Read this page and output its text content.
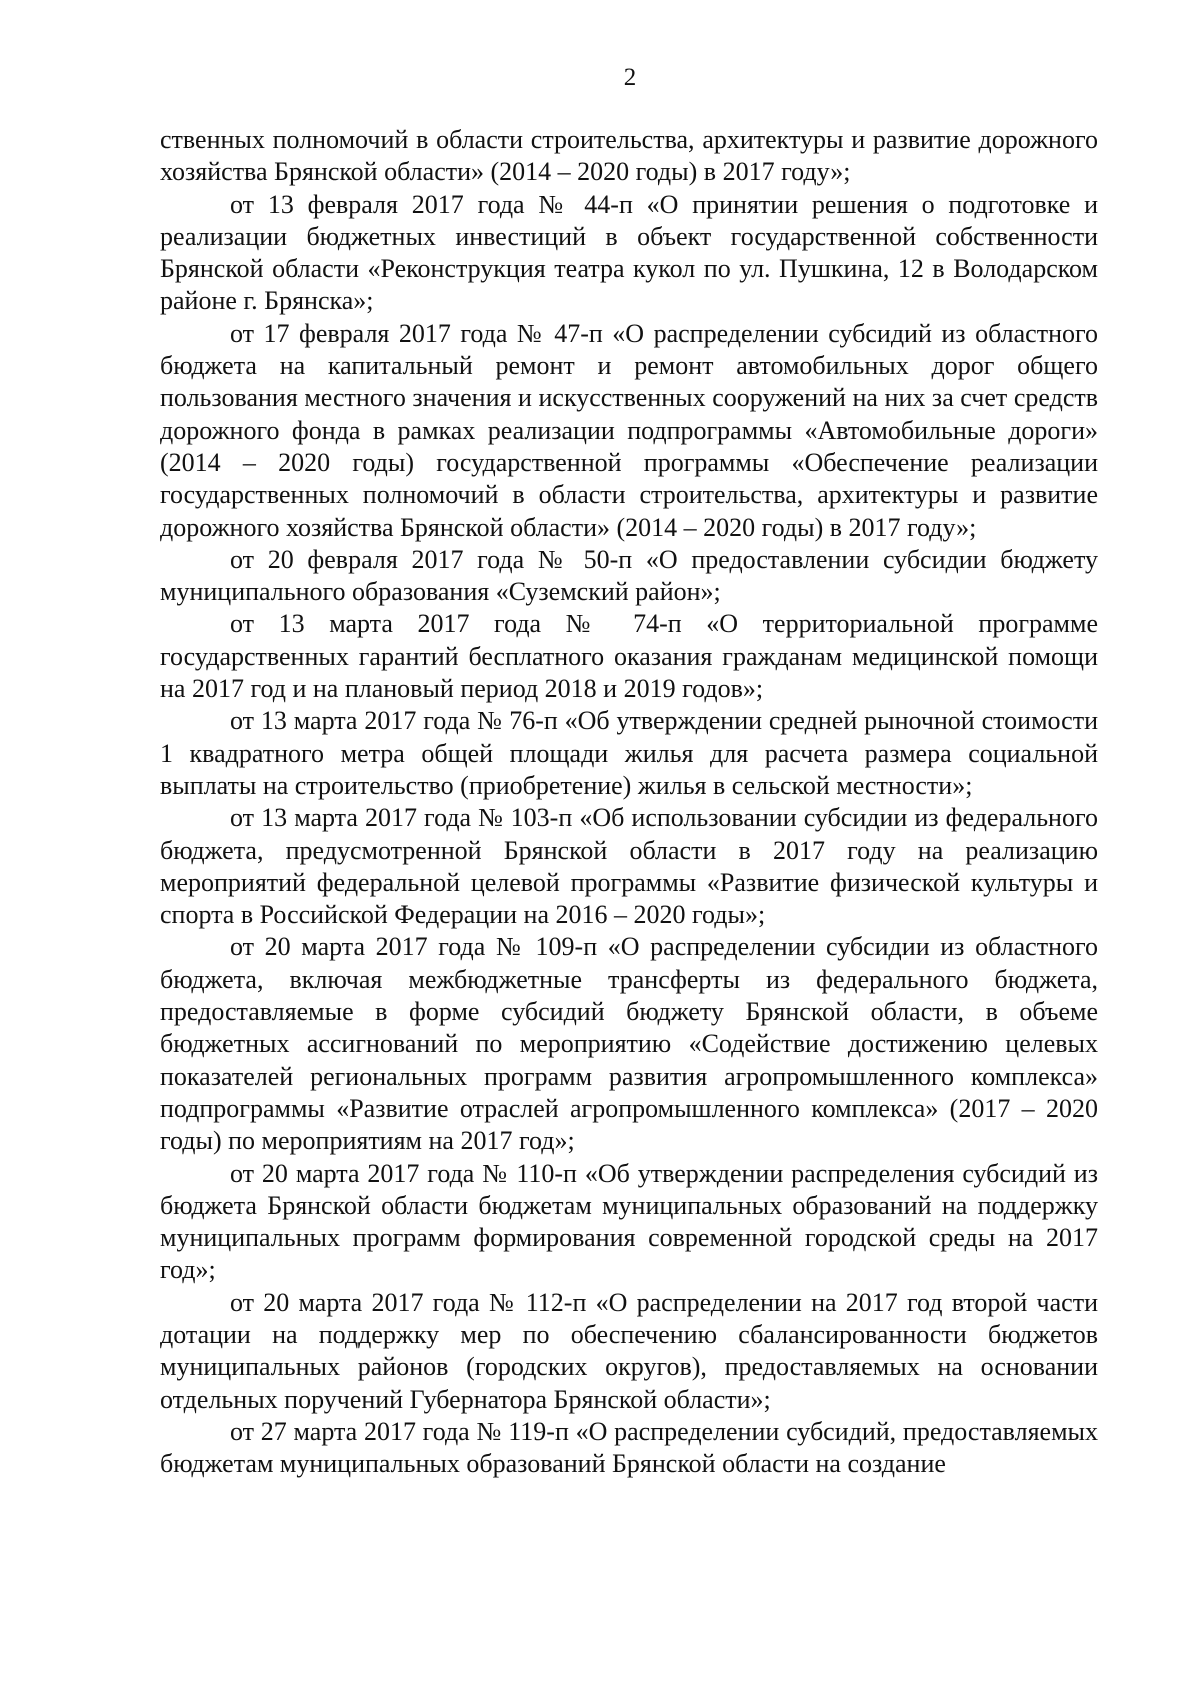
2

ственных полномочий в области строительства, архитектуры и развитие дорожного хозяйства Брянской области» (2014 – 2020 годы) в 2017 году»;

от 13 февраля 2017 года № 44-п «О принятии решения о подготовке и реализации бюджетных инвестиций в объект государственной собственности Брянской области «Реконструкция театра кукол по ул. Пушкина, 12 в Володарском районе г. Брянска»;

от 17 февраля 2017 года № 47-п «О распределении субсидий из областного бюджета на капитальный ремонт и ремонт автомобильных дорог общего пользования местного значения и искусственных сооружений на них за счет средств дорожного фонда в рамках реализации подпрограммы «Автомобильные дороги» (2014 – 2020 годы) государственной программы «Обеспечение реализации государственных полномочий в области строительства, архитектуры и развитие дорожного хозяйства Брянской области» (2014 – 2020 годы) в 2017 году»;

от 20 февраля 2017 года № 50-п «О предоставлении субсидии бюджету муниципального образования «Суземский район»;

от 13 марта 2017 года № 74-п «О территориальной программе государственных гарантий бесплатного оказания гражданам медицинской помощи на 2017 год и на плановый период 2018 и 2019 годов»;

от 13 марта 2017 года № 76-п «Об утверждении средней рыночной стоимости 1 квадратного метра общей площади жилья для расчета размера социальной выплаты на строительство (приобретение) жилья в сельской местности»;

от 13 марта 2017 года № 103-п «Об использовании субсидии из федерального бюджета, предусмотренной Брянской области в 2017 году на реализацию мероприятий федеральной целевой программы «Развитие физической культуры и спорта в Российской Федерации на 2016 – 2020 годы»;

от 20 марта 2017 года № 109-п «О распределении субсидии из областного бюджета, включая межбюджетные трансферты из федерального бюджета, предоставляемые в форме субсидий бюджету Брянской области, в объеме бюджетных ассигнований по мероприятию «Содействие достижению целевых показателей региональных программ развития агропромышленного комплекса» подпрограммы «Развитие отраслей агропромышленного комплекса» (2017 – 2020 годы) по мероприятиям на 2017 год»;

от 20 марта 2017 года № 110-п «Об утверждении распределения субсидий из бюджета Брянской области бюджетам муниципальных образований на поддержку муниципальных программ формирования современной городской среды на 2017 год»;

от 20 марта 2017 года № 112-п «О распределении на 2017 год второй части дотации на поддержку мер по обеспечению сбалансированности бюджетов муниципальных районов (городских округов), предоставляемых на основании отдельных поручений Губернатора Брянской области»;

от 27 марта 2017 года № 119-п «О распределении субсидий, предоставляемых бюджетам муниципальных образований Брянской области на создание
